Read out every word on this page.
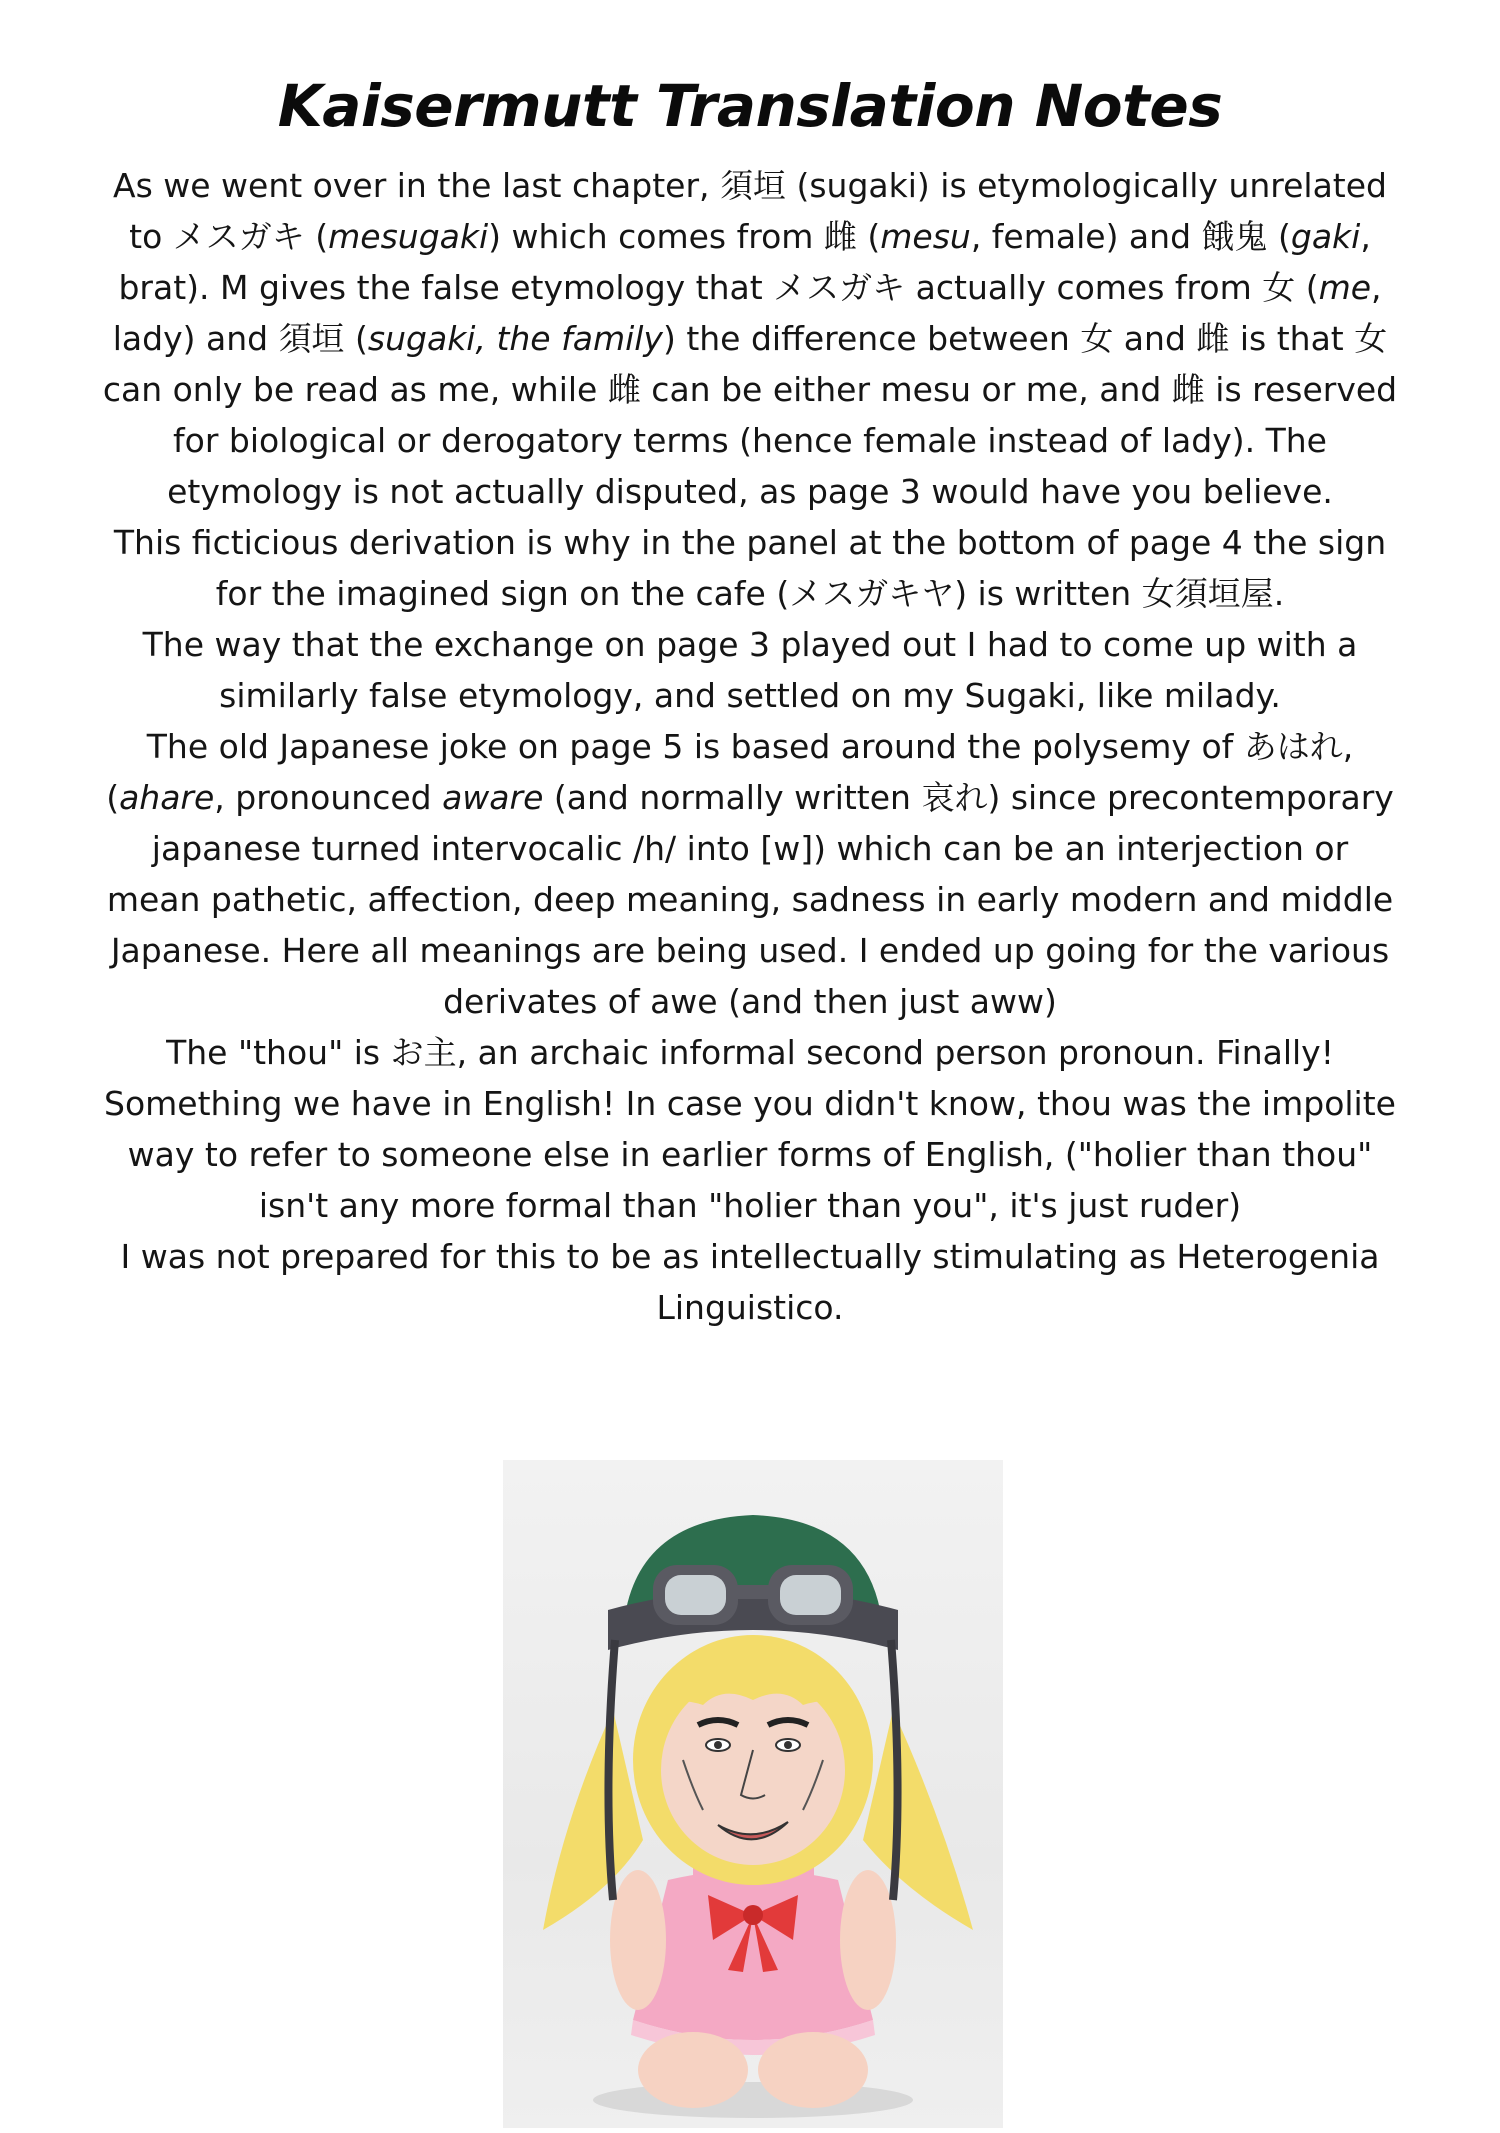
Kaisermutt Translation Notes

As we went over in the last chapter, 須垣 (sugaki) is etymologically unrelated to メスガキ (mesugaki) which comes from 雌 (mesu, female) and 餓鬼 (gaki, brat). M gives the false etymology that メスガキ actually comes from 女 (me, lady) and 須垣 (sugaki, the family) the difference between 女 and 雌 is that 女 can only be read as me, while 雌 can be either mesu or me, and 雌 is reserved for biological or derogatory terms (hence female instead of lady). The etymology is not actually disputed, as page 3 would have you believe.

This ficticious derivation is why in the panel at the bottom of page 4 the sign for the imagined sign on the cafe (メスガキヤ) is written 女須垣屋.

The way that the exchange on page 3 played out I had to come up with a similarly false etymology, and settled on my Sugaki, like milady.

The old Japanese joke on page 5 is based around the polysemy of あはれ, (ahare, pronounced aware (and normally written 哀れ) since precontemporary japanese turned intervocalic /h/ into [w]) which can be an interjection or mean pathetic, affection, deep meaning, sadness in early modern and middle Japanese. Here all meanings are being used. I ended up going for the various derivates of awe (and then just aww)

The "thou" is お主, an archaic informal second person pronoun. Finally! Something we have in English! In case you didn't know, thou was the impolite way to refer to someone else in earlier forms of English, ("holier than thou" isn't any more formal than "holier than you", it's just ruder)

I was not prepared for this to be as intellectually stimulating as Heterogenia Linguistico.
